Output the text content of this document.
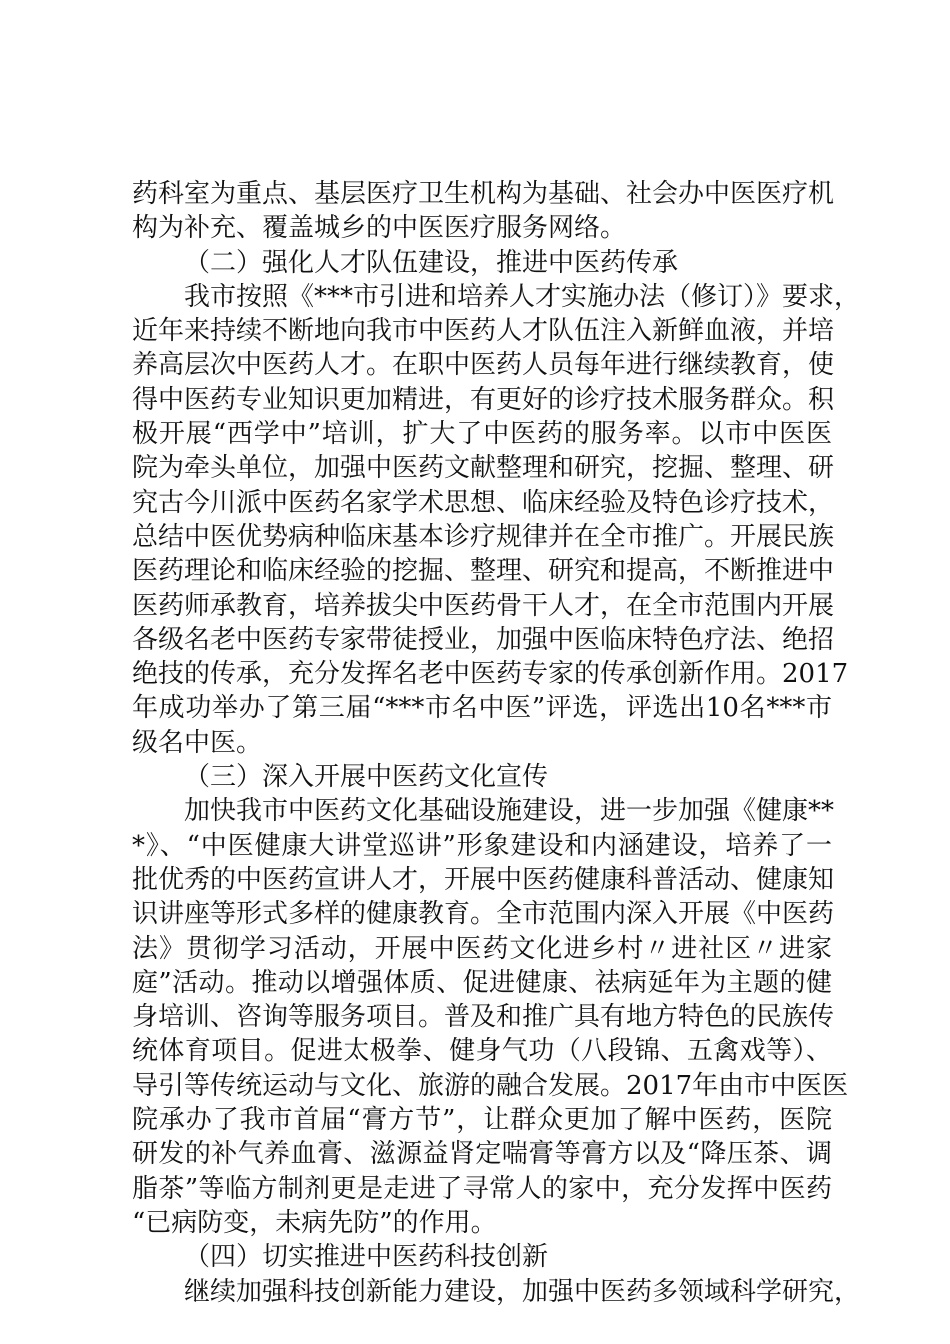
药科室为重点、基层医疗卫生机构为基础、社会办中医医疗机
构为补充、覆盖城乡的中医医疗服务网络。
（二）强化人才队伍建设，推进中医药传承
我市按照《***市引进和培养人才实施办法（修订）》要求，
近年来持续不断地向我市中医药人才队伍注入新鲜血液，并培
养高层次中医药人才。在职中医药人员每年进行继续教育，使
得中医药专业知识更加精进，有更好的诊疗技术服务群众。积
极开展“西学中”培训，扩大了中医药的服务率。以市中医医
院为牵头单位，加强中医药文献整理和研究，挖掘、整理、研
究古今川派中医药名家学术思想、临床经验及特色诊疗技术，
总结中医优势病种临床基本诊疗规律并在全市推广。开展民族
医药理论和临床经验的挖掘、整理、研究和提高，不断推进中
医药师承教育，培养拔尖中医药骨干人才，在全市范围内开展
各级名老中医药专家带徒授业，加强中医临床特色疗法、绝招
绝技的传承，充分发挥名老中医药专家的传承创新作用。2017
年成功举办了第三届“***市名中医”评选，评选出10名***市
级名中医。
（三）深入开展中医药文化宣传
加快我市中医药文化基础设施建设，进一步加强《健康**
*》、“中医健康大讲堂巡讲”形象建设和内涵建设，培养了一
批优秀的中医药宣讲人才，开展中医药健康科普活动、健康知
识讲座等形式多样的健康教育。全市范围内深入开展《中医药
法》贯彻学习活动，开展中医药文化进乡村〃进社区〃进家
庭”活动。推动以增强体质、促进健康、祛病延年为主题的健
身培训、咨询等服务项目。普及和推广具有地方特色的民族传
统体育项目。促进太极拳、健身气功（八段锦、五禽戏等）、
导引等传统运动与文化、旅游的融合发展。2017年由市中医医
院承办了我市首届“膏方节”，让群众更加了解中医药，医院
研发的补气养血膏、滋源益肾定喘膏等膏方以及“降压茶、调
脂茶”等临方制剂更是走进了寻常人的家中，充分发挥中医药
“已病防变，未病先防”的作用。
（四）切实推进中医药科技创新
继续加强科技创新能力建设，加强中医药多领域科学研究，
